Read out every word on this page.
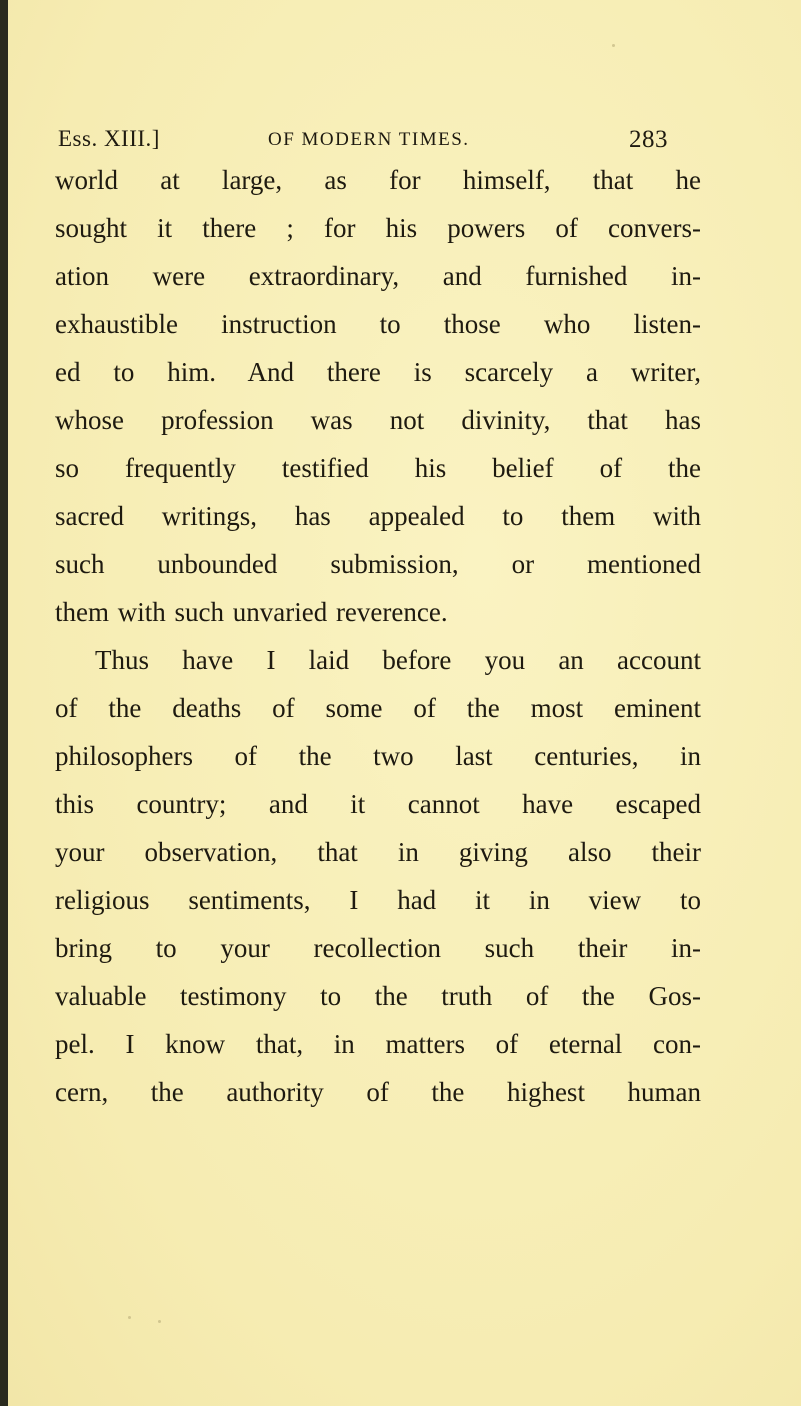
Ess. XIII.]	OF MODERN TIMES.	283
world at large, as for himself, that he
sought it there ; for his powers of convers-
ation were extraordinary, and furnished in-
exhaustible instruction to those who listen-
ed to him. And there is scarcely a writer,
whose profession was not divinity, that has
so frequently testified his belief of the
sacred writings, has appealed to them with
such unbounded submission, or mentioned
them with such unvaried reverence.
Thus have I laid before you an account
of the deaths of some of the most eminent
philosophers of the two last centuries, in
this country; and it cannot have escaped
your observation, that in giving also their
religious sentiments, I had it in view to
bring to your recollection such their in-
valuable testimony to the truth of the Gos-
pel. I know that, in matters of eternal con-
cern, the authority of the highest human
